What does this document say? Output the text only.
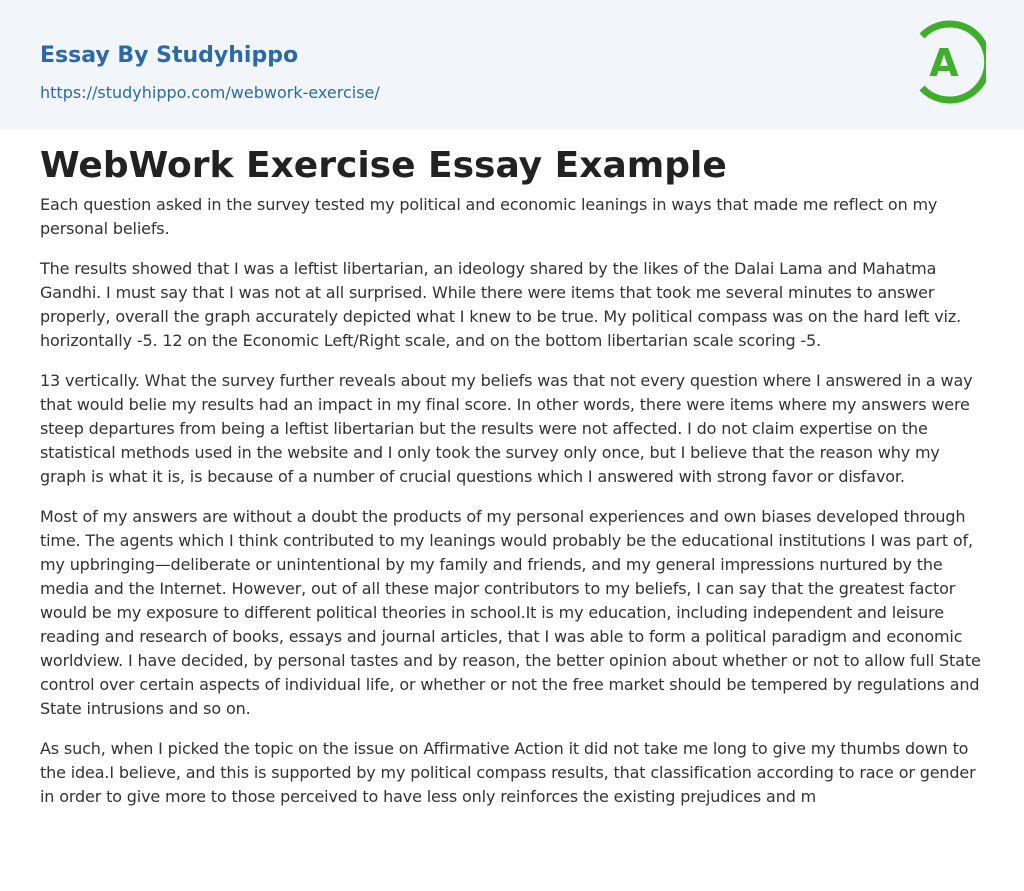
Essay By Studyhippo
https://studyhippo.com/webwork-exercise/
A
WebWork Exercise Essay Example

Each question asked in the survey tested my political and economic leanings in ways that made me reflect on my personal beliefs.

The results showed that I was a leftist libertarian, an ideology shared by the likes of the Dalai Lama and Mahatma Gandhi. I must say that I was not at all surprised. While there were items that took me several minutes to answer properly, overall the graph accurately depicted what I knew to be true. My political compass was on the hard left viz. horizontally -5. 12 on the Economic Left/Right scale, and on the bottom libertarian scale scoring -5.

13 vertically. What the survey further reveals about my beliefs was that not every question where I answered in a way that would belie my results had an impact in my final score. In other words, there were items where my answers were steep departures from being a leftist libertarian but the results were not affected. I do not claim expertise on the statistical methods used in the website and I only took the survey only once, but I believe that the reason why my graph is what it is, is because of a number of crucial questions which I answered with strong favor or disfavor.

Most of my answers are without a doubt the products of my personal experiences and own biases developed through time. The agents which I think contributed to my leanings would probably be the educational institutions I was part of, my upbringing—deliberate or unintentional by my family and friends, and my general impressions nurtured by the media and the Internet. However, out of all these major contributors to my beliefs, I can say that the greatest factor would be my exposure to different political theories in school.It is my education, including independent and leisure reading and research of books, essays and journal articles, that I was able to form a political paradigm and economic worldview. I have decided, by personal tastes and by reason, the better opinion about whether or not to allow full State control over certain aspects of individual life, or whether or not the free market should be tempered by regulations and State intrusions and so on.

As such, when I picked the topic on the issue on Affirmative Action it did not take me long to give my thumbs down to the idea.I believe, and this is supported by my political compass results, that classification according to race or gender in order to give more to those perceived to have less only reinforces the existing prejudices and m
